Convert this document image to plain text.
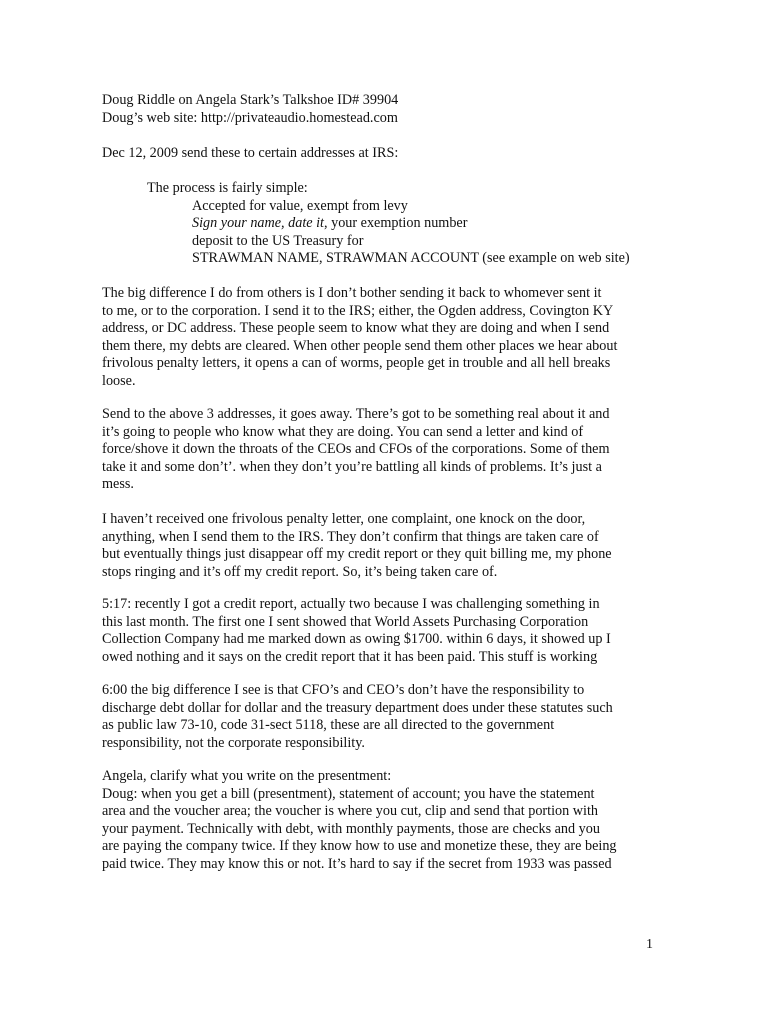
Doug Riddle on Angela Stark’s Talkshoe ID# 39904

Doug’s web site: http://privateaudio.homestead.com

Dec 12, 2009 send these to certain addresses at IRS:

The process is fairly simple:

Accepted for value, exempt from levy

Sign your name, date it, your exemption number

deposit to the US Treasury for

STRAWMAN NAME, STRAWMAN ACCOUNT (see example on web site)

The big difference I do from others is I don’t bother sending it back to whomever sent it
to me, or to the corporation. I send it to the IRS; either, the Ogden address, Covington KY
address, or DC address. These people seem to know what they are doing and when I send
them there, my debts are cleared. When other people send them other places we hear about
frivolous penalty letters, it opens a can of worms, people get in trouble and all hell breaks
loose.

Send to the above 3 addresses, it goes away. There’s got to be something real about it and
it’s going to people who know what they are doing. You can send a letter and kind of
force/shove it down the throats of the CEOs and CFOs of the corporations. Some of them
take it and some don’t’. when they don’t you’re battling all kinds of problems. It’s just a
mess.

I haven’t received one frivolous penalty letter, one complaint, one knock on the door,
anything, when I send them to the IRS. They don’t confirm that things are taken care of
but eventually things just disappear off my credit report or they quit billing me, my phone
stops ringing and it’s off my credit report. So, it’s being taken care of.

5:17: recently I got a credit report, actually two because I was challenging something in
this last month. The first one I sent showed that World Assets Purchasing Corporation
Collection Company had me marked down as owing $1700. within 6 days, it showed up I
owed nothing and it says on the credit report that it has been paid. This stuff is working

6:00 the big difference I see is that CFO’s and CEO’s don’t have the responsibility to
discharge debt dollar for dollar and the treasury department does under these statutes such
as public law 73-10, code 31-sect 5118, these are all directed to the government
responsibility, not the corporate responsibility.

Angela, clarify what you write on the presentment:
Doug: when you get a bill (presentment), statement of account; you have the statement
area and the voucher area; the voucher is where you cut, clip and send that portion with
your payment. Technically with debt, with monthly payments, those are checks and you
are paying the company twice. If they know how to use and monetize these, they are being
paid twice. They may know this or not. It’s hard to say if the secret from 1933 was passed

1
